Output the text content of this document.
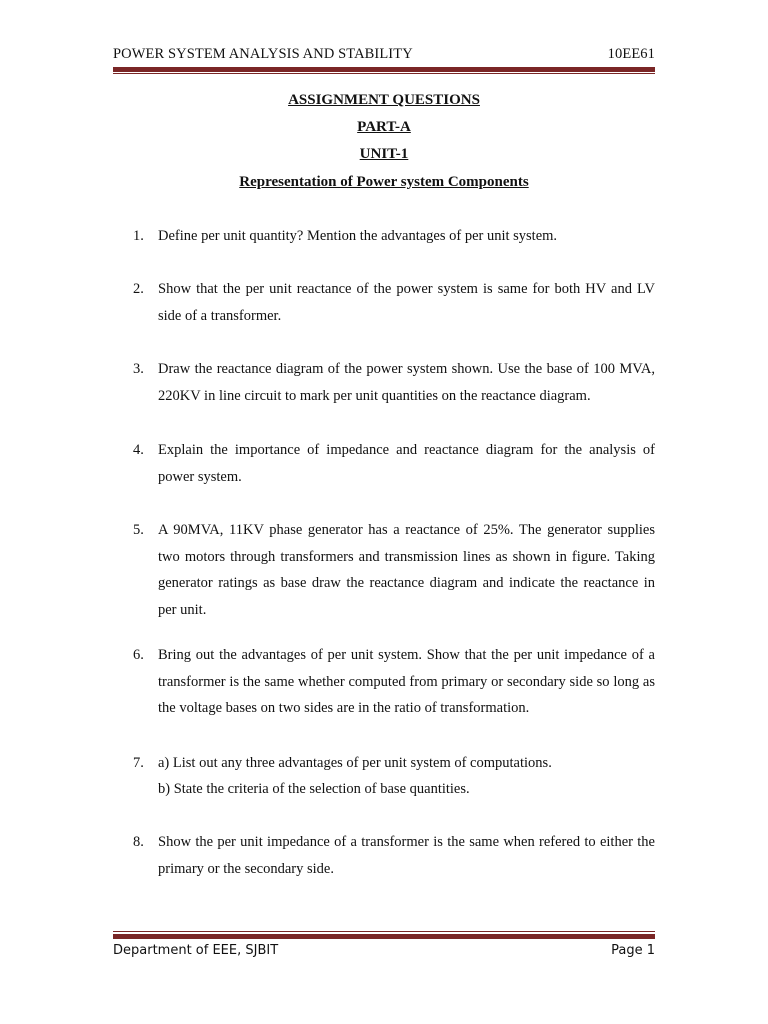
POWER SYSTEM ANALYSIS AND STABILITY	10EE61
ASSIGNMENT QUESTIONS
PART-A
UNIT-1
Representation of Power system Components
1. Define per unit quantity? Mention the advantages of per unit system.
2. Show that the per unit reactance of the power system is same for both HV and LV side of a transformer.
3. Draw the reactance diagram of the power system shown. Use the base of 100 MVA, 220KV in line circuit to mark per unit quantities on the reactance diagram.
4. Explain the importance of impedance and reactance diagram for the analysis of power system.
5. A 90MVA, 11KV phase generator has a reactance of 25%. The generator supplies two motors through transformers and transmission lines as shown in figure. Taking generator ratings as base draw the reactance diagram and indicate the reactance in per unit.
6. Bring out the advantages of per unit system. Show that the per unit impedance of a transformer is the same whether computed from primary or secondary side so long as the voltage bases on two sides are in the ratio of transformation.
7. a) List out any three advantages of per unit system of computations.
b) State the criteria of the selection of base quantities.
8. Show the per unit impedance of a transformer is the same when refered to either the primary or the secondary side.
Department of EEE, SJBIT	Page 1
